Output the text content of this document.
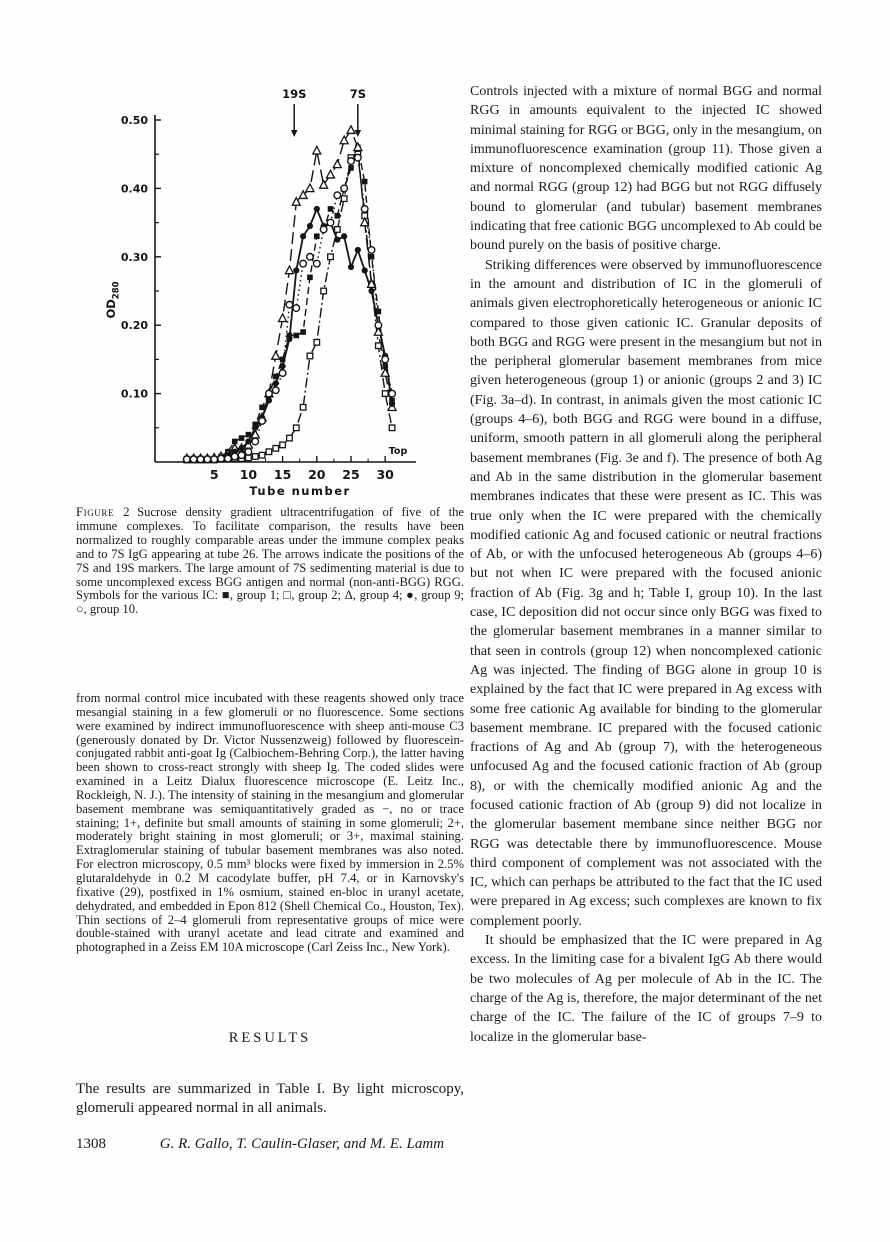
0.10
0.20
0.30
0.40
0.50
5 10 15 20 25 30
Tube number
$OD_{280}$
Top
19S	7S
Figure 2 Sucrose density gradient ultracentrifugation of five of the immune complexes. To facilitate comparison, the results have been normalized to roughly comparable areas under the immune complex peaks and to 7S IgG appearing at tube 26. The arrows indicate the positions of the 7S and 19S markers. The large amount of 7S sedimenting material is due to some uncomplexed excess BGG antigen and normal (non-anti-BGG) RGG. Symbols for the various IC: ■, group 1; □, group 2; Δ, group 4; ●, group 9; ○, group 10.
from normal control mice incubated with these reagents showed only trace mesangial staining in a few glomeruli or no fluorescence. Some sections were examined by indirect immunofluorescence with sheep anti-mouse C3 (generously donated by Dr. Victor Nussenzweig) followed by fluorescein-conjugated rabbit anti-goat Ig (Calbiochem-Behring Corp.), the latter having been shown to cross-react strongly with sheep Ig. The coded slides were examined in a Leitz Dialux fluorescence microscope (E. Leitz Inc., Rockleigh, N. J.). The intensity of staining in the mesangium and glomerular basement membrane was semiquantitatively graded as −, no or trace staining; 1+, definite but small amounts of staining in some glomeruli; 2+, moderately bright staining in most glomeruli; or 3+, maximal staining. Extraglomerular staining of tubular basement membranes was also noted. For electron microscopy, 0.5 mm³ blocks were fixed by immersion in 2.5% glutaraldehyde in 0.2 M cacodylate buffer, pH 7.4, or in Karnovsky's fixative (29), postfixed in 1% osmium, stained en-bloc in uranyl acetate, dehydrated, and embedded in Epon 812 (Shell Chemical Co., Houston, Tex). Thin sections of 2–4 glomeruli from representative groups of mice were double-stained with uranyl acetate and lead citrate and examined and photographed in a Zeiss EM 10A microscope (Carl Zeiss Inc., New York).
RESULTS
The results are summarized in Table I. By light microscopy, glomeruli appeared normal in all animals.

Controls injected with a mixture of normal BGG and normal RGG in amounts equivalent to the injected IC showed minimal staining for RGG or BGG, only in the mesangium, on immunofluorescence examination (group 11). Those given a mixture of noncomplexed chemically modified cationic Ag and normal RGG (group 12) had BGG but not RGG diffusely bound to glomerular (and tubular) basement membranes indicating that free cationic BGG uncomplexed to Ab could be bound purely on the basis of positive charge.

Striking differences were observed by immunofluorescence in the amount and distribution of IC in the glomeruli of animals given electrophoretically heterogeneous or anionic IC compared to those given cationic IC. Granular deposits of both BGG and RGG were present in the mesangium but not in the peripheral glomerular basement membranes from mice given heterogeneous (group 1) or anionic (groups 2 and 3) IC (Fig. 3a–d). In contrast, in animals given the most cationic IC (groups 4–6), both BGG and RGG were bound in a diffuse, uniform, smooth pattern in all glomeruli along the peripheral basement membranes (Fig. 3e and f). The presence of both Ag and Ab in the same distribution in the glomerular basement membranes indicates that these were present as IC. This was true only when the IC were prepared with the chemically modified cationic Ag and focused cationic or neutral fractions of Ab, or with the unfocused heterogeneous Ab (groups 4–6) but not when IC were prepared with the focused anionic fraction of Ab (Fig. 3g and h; Table I, group 10). In the last case, IC deposition did not occur since only BGG was fixed to the glomerular basement membranes in a manner similar to that seen in controls (group 12) when noncomplexed cationic Ag was injected. The finding of BGG alone in group 10 is explained by the fact that IC were prepared in Ag excess with some free cationic Ag available for binding to the glomerular basement membrane. IC prepared with the focused cationic fractions of Ag and Ab (group 7), with the heterogeneous unfocused Ag and the focused cationic fraction of Ab (group 8), or with the chemically modified anionic Ag and the focused cationic fraction of Ab (group 9) did not localize in the glomerular basement membane since neither BGG nor RGG was detectable there by immunofluorescence. Mouse third component of complement was not associated with the IC, which can perhaps be attributed to the fact that the IC used were prepared in Ag excess; such complexes are known to fix complement poorly.

It should be emphasized that the IC were prepared in Ag excess. In the limiting case for a bivalent IgG Ab there would be two molecules of Ag per molecule of Ab in the IC. The charge of the Ag is, therefore, the major determinant of the net charge of the IC. The failure of the IC of groups 7–9 to localize in the glomerular base-

1308	G. R. Gallo, T. Caulin-Glaser, and M. E. Lamm
